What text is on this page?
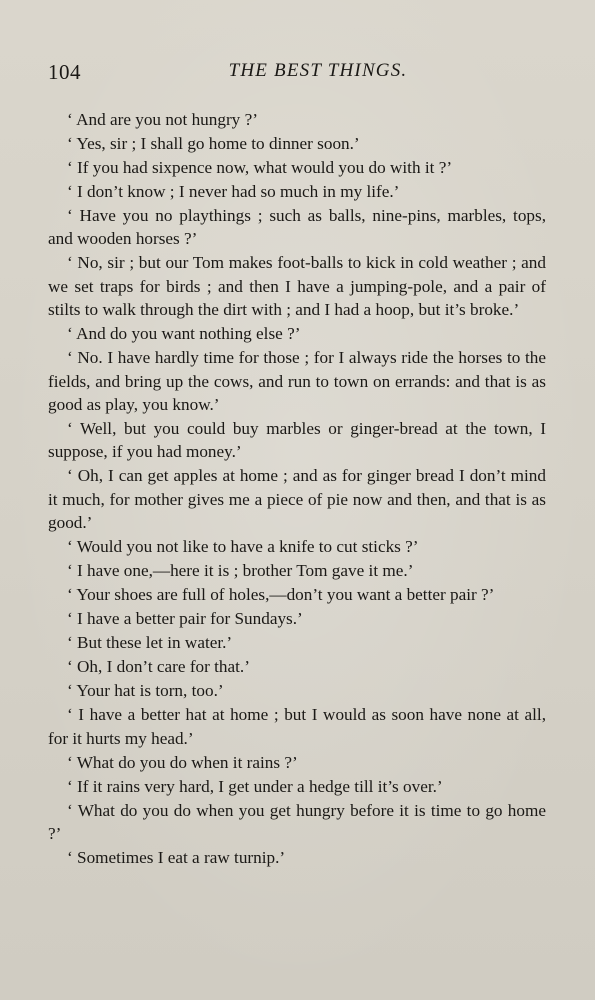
104	THE BEST THINGS.

‘ And are you not hungry ?’

‘ Yes, sir ; I shall go home to dinner soon.’

‘ If you had sixpence now, what would you do with it ?’

‘ I don’t know ; I never had so much in my life.’

‘ Have you no playthings ; such as balls, nine-pins, marbles, tops, and wooden horses ?’

‘ No, sir ; but our Tom makes foot-balls to kick in cold weather ; and we set traps for birds ; and then I have a jumping-pole, and a pair of stilts to walk through the dirt with ; and I had a hoop, but it’s broke.’

‘ And do you want nothing else ?’

‘ No. I have hardly time for those ; for I always ride the horses to the fields, and bring up the cows, and run to town on errands: and that is as good as play, you know.’

‘ Well, but you could buy marbles or ginger-bread at the town, I suppose, if you had money.’

‘ Oh, I can get apples at home ; and as for ginger bread I don’t mind it much, for mother gives me a piece of pie now and then, and that is as good.’

‘ Would you not like to have a knife to cut sticks ?’

‘ I have one,—here it is ; brother Tom gave it me.’

‘ Your shoes are full of holes,—don’t you want a better pair ?’

‘ I have a better pair for Sundays.’

‘ But these let in water.’

‘ Oh, I don’t care for that.’

‘ Your hat is torn, too.’

‘ I have a better hat at home ; but I would as soon have none at all, for it hurts my head.’

‘ What do you do when it rains ?’

‘ If it rains very hard, I get under a hedge till it’s over.’

‘ What do you do when you get hungry before it is time to go home ?’

‘ Sometimes I eat a raw turnip.’
